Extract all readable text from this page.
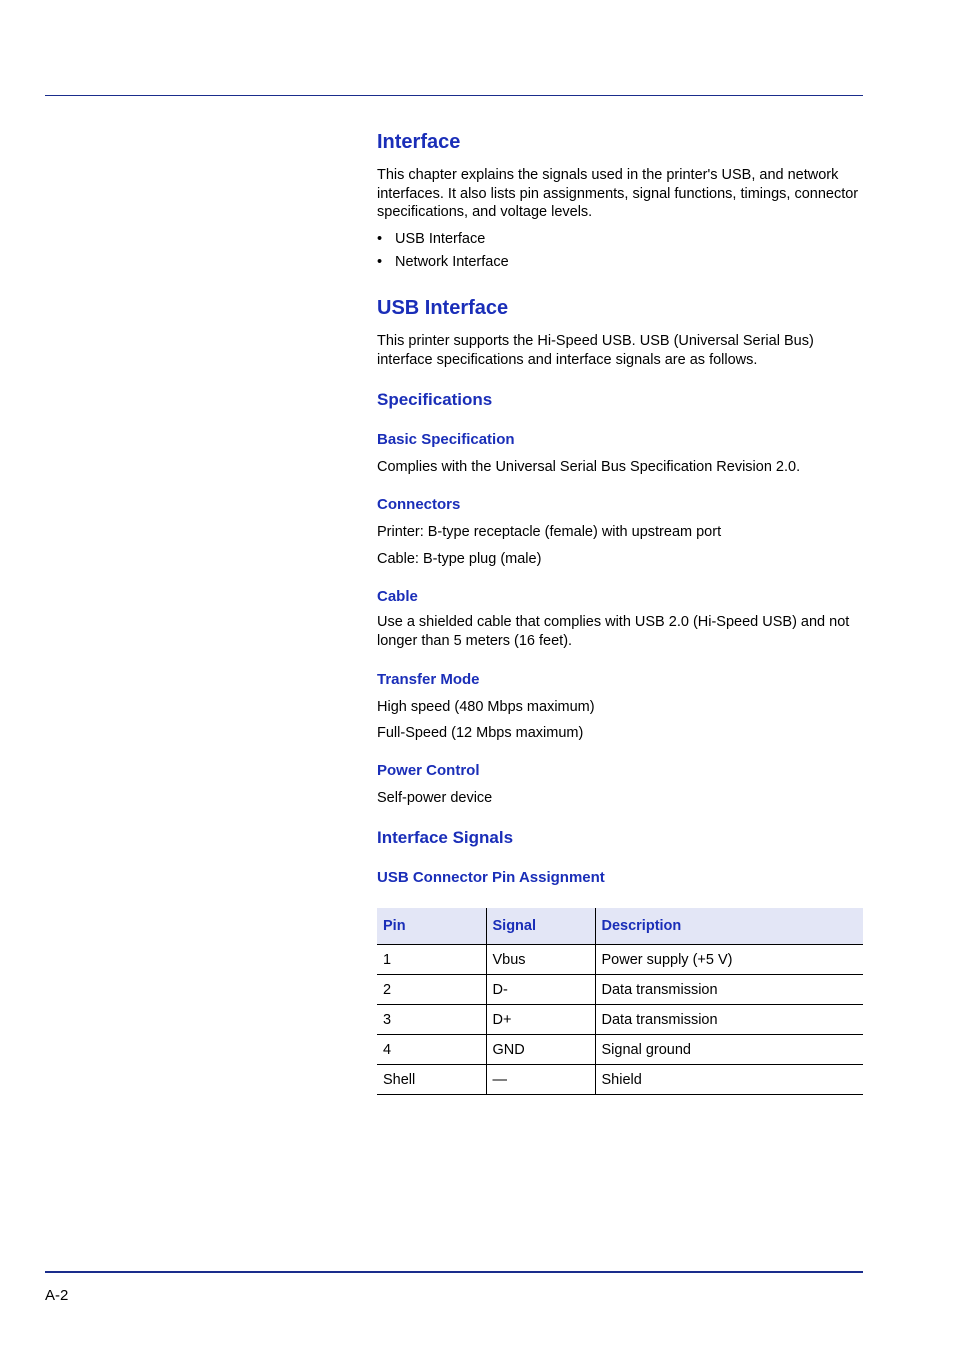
Interface

This chapter explains the signals used in the printer's USB, and network interfaces. It also lists pin assignments, signal functions, timings, connector specifications, and voltage levels.

• USB Interface
• Network Interface
USB Interface

This printer supports the Hi-Speed USB. USB (Universal Serial Bus) interface specifications and interface signals are as follows.

Specifications
Basic Specification

Complies with the Universal Serial Bus Specification Revision 2.0.

Connectors

Printer: B-type receptacle (female) with upstream port

Cable: B-type plug (male)

Cable

Use a shielded cable that complies with USB 2.0 (Hi-Speed USB) and not longer than 5 meters (16 feet).

Transfer Mode

High speed (480 Mbps maximum)

Full-Speed (12 Mbps maximum)

Power Control

Self-power device

Interface Signals
USB Connector Pin Assignment
Pin	Signal	Description
1	Vbus	Power supply (+5 V)
2	D-	Data transmission
3	D+	Data transmission
4	GND	Signal ground
Shell	—	Shield
A-2
